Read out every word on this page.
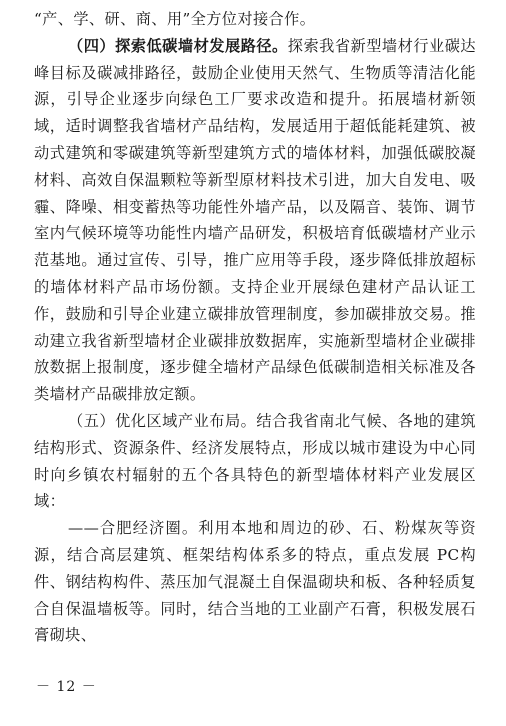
“产、学、研、商、用”全方位对接合作。

（四）探索低碳墙材发展路径。探索我省新型墙材行业碳达峰目标及碳减排路径，鼓励企业使用天然气、生物质等清洁化能源，引导企业逐步向绿色工厂要求改造和提升。拓展墙材新领域，适时调整我省墙材产品结构，发展适用于超低能耗建筑、被动式建筑和零碳建筑等新型建筑方式的墙体材料，加强低碳胶凝材料、高效自保温颗粒等新型原材料技术引进，加大自发电、吸霾、降噪、相变蓄热等功能性外墙产品，以及隔音、装饰、调节室内气候环境等功能性内墙产品研发，积极培育低碳墙材产业示范基地。通过宣传、引导，推广应用等手段，逐步降低排放超标的墙体材料产品市场份额。支持企业开展绿色建材产品认证工作，鼓励和引导企业建立碳排放管理制度，参加碳排放交易。推动建立我省新型墙材企业碳排放数据库，实施新型墙材企业碳排放数据上报制度，逐步健全墙材产品绿色低碳制造相关标准及各类墙材产品碳排放定额。

（五）优化区域产业布局。结合我省南北气候、各地的建筑结构形式、资源条件、经济发展特点，形成以城市建设为中心同时向乡镇农村辐射的五个各具特色的新型墙体材料产业发展区域：

——合肥经济圈。利用本地和周边的砂、石、粉煤灰等资源，结合高层建筑、框架结构体系多的特点，重点发展 PC构件、钢结构构件、蒸压加气混凝土自保温砌块和板、各种轻质复合自保温墙板等。同时，结合当地的工业副产石膏，积极发展石膏砌块、

－ 12 －
